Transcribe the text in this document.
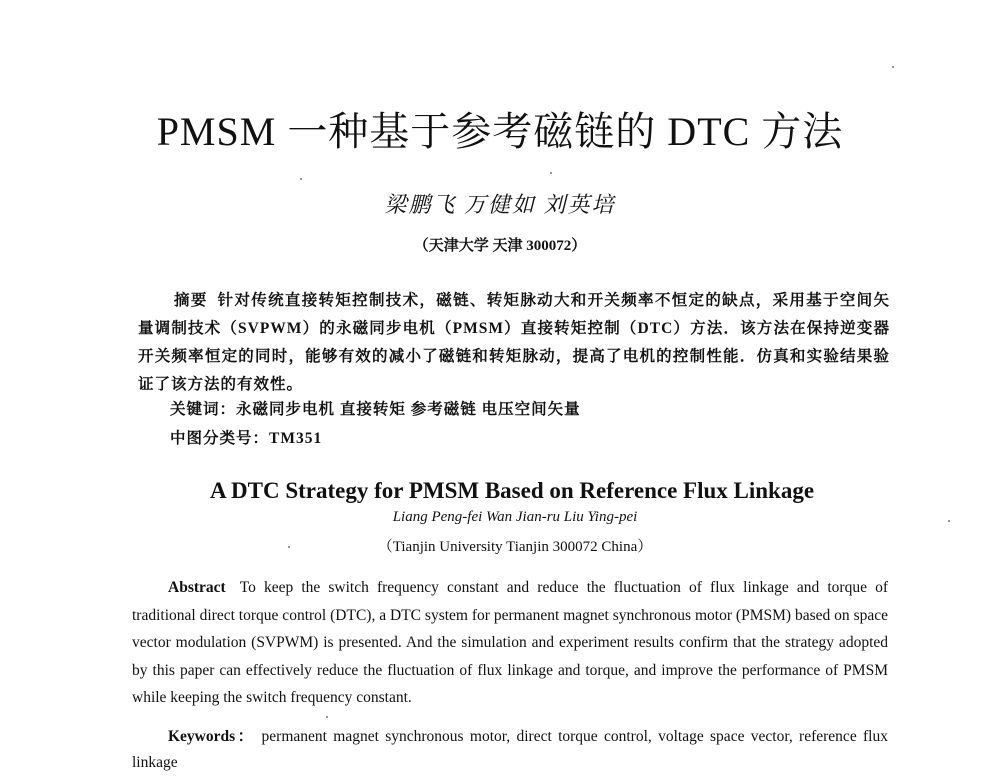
PMSM 一种基于参考磁链的 DTC 方法
梁鹏飞 万健如 刘英培
（天津大学 天津 300072）
摘要 针对传统直接转矩控制技术，磁链、转矩脉动大和开关频率不恒定的缺点，采用基于空间矢量调制技术（SVPWM）的永磁同步电机（PMSM）直接转矩控制（DTC）方法．该方法在保持逆变器开关频率恒定的同时，能够有效的减小了磁链和转矩脉动，提高了电机的控制性能．仿真和实验结果验证了该方法的有效性。
关键词：永磁同步电机 直接转矩 参考磁链 电压空间矢量
中图分类号：TM351
A DTC Strategy for PMSM Based on Reference Flux Linkage
Liang Peng-fei Wan Jian-ru Liu Ying-pei
（Tianjin University Tianjin 300072 China）
Abstract To keep the switch frequency constant and reduce the fluctuation of flux linkage and torque of traditional direct torque control (DTC), a DTC system for permanent magnet synchronous motor (PMSM) based on space vector modulation (SVPWM) is presented. And the simulation and experiment results confirm that the strategy adopted by this paper can effectively reduce the fluctuation of flux linkage and torque, and improve the performance of PMSM while keeping the switch frequency constant.
Keywords： permanent magnet synchronous motor, direct torque control, voltage space vector, reference flux linkage
